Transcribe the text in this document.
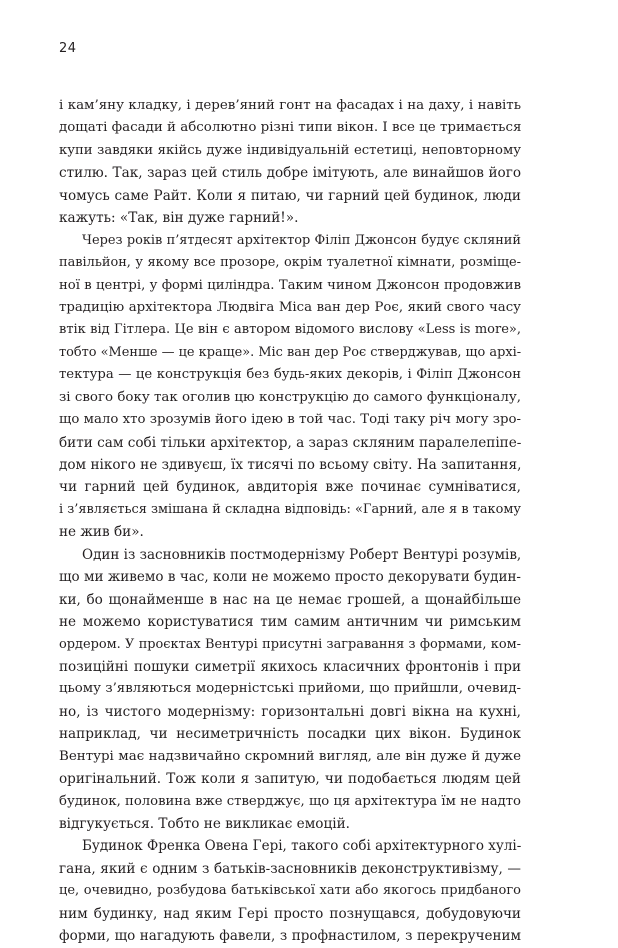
24
і кам’яну кладку, і дерев’яний гонт на фасадах і на даху, і навіть
дощаті фасади й абсолютно різні типи вікон. І все це тримається
купи завдяки якійсь дуже індивідуальній естетиці, неповторному
стилю. Так, зараз цей стиль добре імітують, але винайшов його
чомусь саме Райт. Коли я питаю, чи гарний цей будинок, люди
кажуть: «Так, він дуже гарний!».
Через років п’ятдесят архітектор Філіп Джонсон будує скляний
павільйон, у якому все прозоре, окрім туалетної кімнати, розміще-
ної в центрі, у формі циліндра. Таким чином Джонсон продовжив
традицію архітектора Людвіга Міса ван дер Роє, який свого часу
втік від Гітлера. Це він є автором відомого вислову «Less is more»,
тобто «Менше — це краще». Міс ван дер Роє стверджував, що архі-
тектура — це конструкція без будь-яких декорів, і Філіп Джонсон
зі свого боку так оголив цю конструкцію до самого функціоналу,
що мало хто зрозумів його ідею в той час. Тоді таку річ могу зро-
бити сам собі тільки архітектор, а зараз скляним паралелепіпе-
дом нікого не здивуєш, їх тисячі по всьому світу. На запитання,
чи гарний цей будинок, авдиторія вже починає сумніватися,
і з’являється змішана й складна відповідь: «Гарний, але я в такому
не жив би».
Один із засновників постмодернізму Роберт Вентурі розумів,
що ми живемо в час, коли не можемо просто декорувати будин-
ки, бо щонайменше в нас на це немає грошей, а щонайбільше
не можемо користуватися тим самим античним чи римським
ордером. У проєктах Вентурі присутні загравання з формами, ком-
позиційні пошуки симетрії якихось класичних фронтонів і при
цьому з’являються модерністські прийоми, що прийшли, очевид-
но, із чистого модернізму: горизонтальні довгі вікна на кухні,
наприклад, чи несиметричність посадки цих вікон. Будинок
Вентурі має надзвичайно скромний вигляд, але він дуже й дуже
оригінальний. Тож коли я запитую, чи подобається людям цей
будинок, половина вже стверджує, що ця архітектура їм не надто
відгукується. Тобто не викликає емоцій.
Будинок Френка Овена Гері, такого собі архітектурного хулі-
гана, який є одним з батьків-засновників деконструктивізму, —
це, очевидно, розбудова батьківської хати або якогось придбаного
ним будинку, над яким Гері просто познущався, добудовуючи
форми, що нагадують фавели, з профнастилом, з перекрученим
